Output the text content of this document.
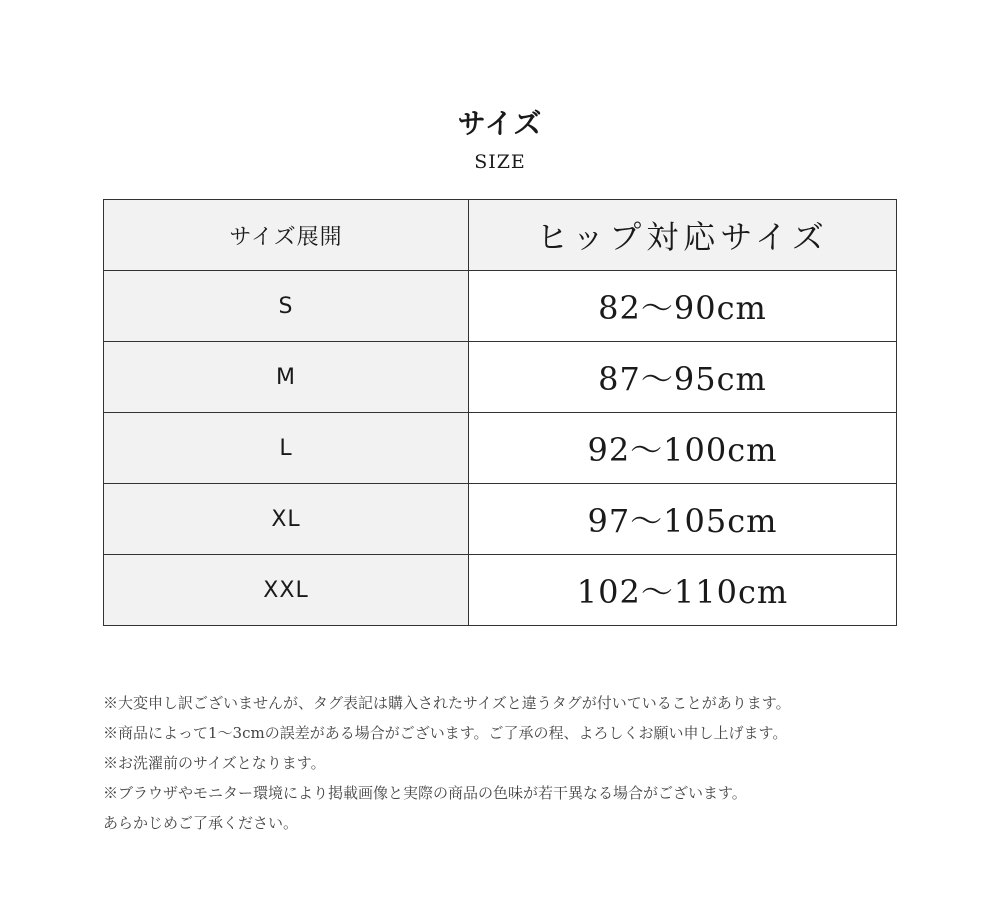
サイズ
SIZE
サイズ展開	ヒップ対応サイズ
S	82〜90cm
M	87〜95cm
L	92〜100cm
XL	97〜105cm
XXL	102〜110cm
※大変申し訳ございませんが、タグ表記は購入されたサイズと違うタグが付いていることがあります。
※商品によって1〜3cmの誤差がある場合がございます。ご了承の程、よろしくお願い申し上げます。
※お洗濯前のサイズとなります。
※ブラウザやモニター環境により掲載画像と実際の商品の色味が若干異なる場合がございます。
あらかじめご了承ください。
